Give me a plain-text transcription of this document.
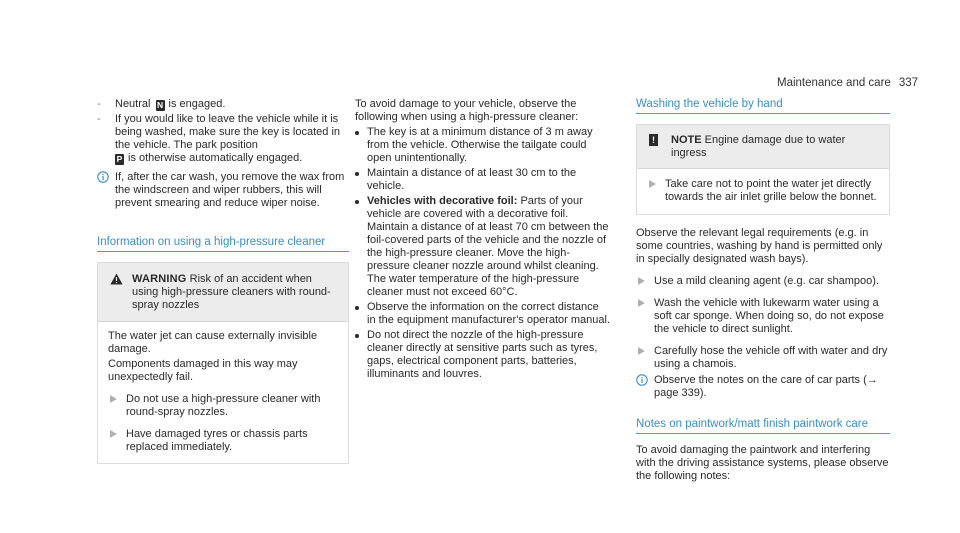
Maintenance and care 337
- Neutral N is engaged.
- If you would like to leave the vehicle while it is being washed, make sure the key is located in the vehicle. The park position
P is otherwise automatically engaged.
If, after the car wash, you remove the wax from the windscreen and wiper rubbers, this will prevent smearing and reduce wiper noise.
Information on using a high-pressure cleaner
WARNING Risk of an accident when using high-pressure cleaners with round-spray nozzles

The water jet can cause externally invisible damage.

Components damaged in this way may unexpectedly fail.

Do not use a high-pressure cleaner with round-spray nozzles.
Have damaged tyres or chassis parts replaced immediately.

To avoid damage to your vehicle, observe the following when using a high-pressure cleaner:

The key is at a minimum distance of 3 m away from the vehicle. Otherwise the tailgate could open unintentionally.
Maintain a distance of at least 30 cm to the vehicle.
Vehicles with decorative foil: Parts of your vehicle are covered with a decorative foil. Maintain a distance of at least 70 cm between the foil-covered parts of the vehicle and the nozzle of the high-pressure cleaner. Move the high-pressure cleaner nozzle around whilst cleaning. The water temperature of the high-pressure cleaner must not exceed 60°C.
Observe the information on the correct distance in the equipment manufacturer's operator manual.
Do not direct the nozzle of the high-pressure cleaner directly at sensitive parts such as tyres, gaps, electrical component parts, batteries, illuminants and louvres.
Washing the vehicle by hand
! NOTE Engine damage due to water ingress
Take care not to point the water jet directly towards the air inlet grille below the bonnet.

Observe the relevant legal requirements (e.g. in some countries, washing by hand is permitted only in specially designated wash bays).

Use a mild cleaning agent (e.g. car shampoo).
Wash the vehicle with lukewarm water using a soft car sponge. When doing so, do not expose the vehicle to direct sunlight.
Carefully hose the vehicle off with water and dry using a chamois.
Observe the notes on the care of car parts (→ page 339).
Notes on paintwork/matt finish paintwork care

To avoid damaging the paintwork and interfering with the driving assistance systems, please observe the following notes:
